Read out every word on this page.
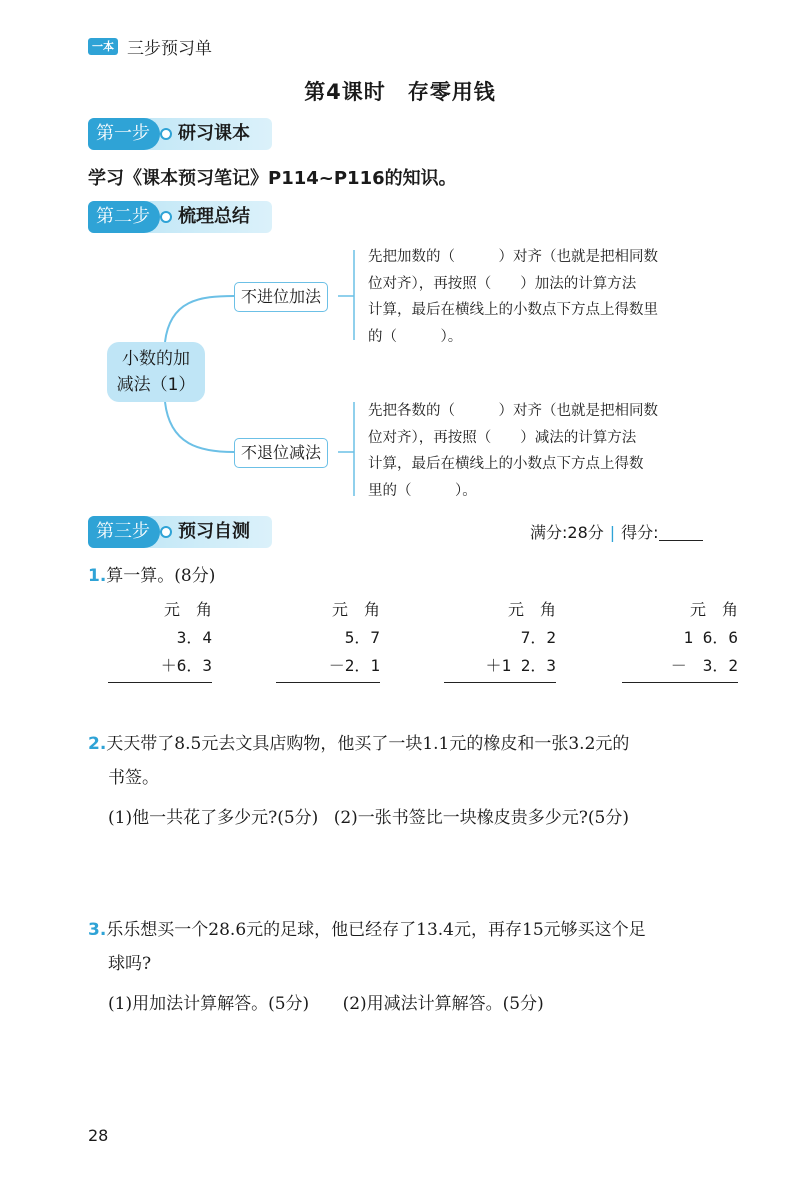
一本 三步预习单
第4课时　存零用钱
第一步	研习课本
学习《课本预习笔记》P114~P116的知识。
第二步	梳理总结
小数的加
减法（1）
不进位加法
先把加数的（　　　）对齐（也就是把相同数
位对齐），再按照（　　）加法的计算方法
计算，最后在横线上的小数点下方点上得数里
的（　　　）。
不退位减法
先把各数的（　　　）对齐（也就是把相同数
位对齐），再按照（　　）减法的计算方法
计算，最后在横线上的小数点下方点上得数
里的（　　　）。
第三步	预习自测	满分:28分 | 得分:
1.算一算。(8分)
元　角
3．4
＋6．3
元　角
5．7
－2．1
元　角
7．2
＋1 2．3
元　角
1 6．6
－　3．2
2.天天带了8.5元去文具店购物，他买了一块1.1元的橡皮和一张3.2元的
书签。
(1)他一共花了多少元?(5分) (2)一张书签比一块橡皮贵多少元?(5分)
3.乐乐想买一个28.6元的足球，他已经存了13.4元，再存15元够买这个足
球吗?
(1)用加法计算解答。(5分) (2)用减法计算解答。(5分)
28
